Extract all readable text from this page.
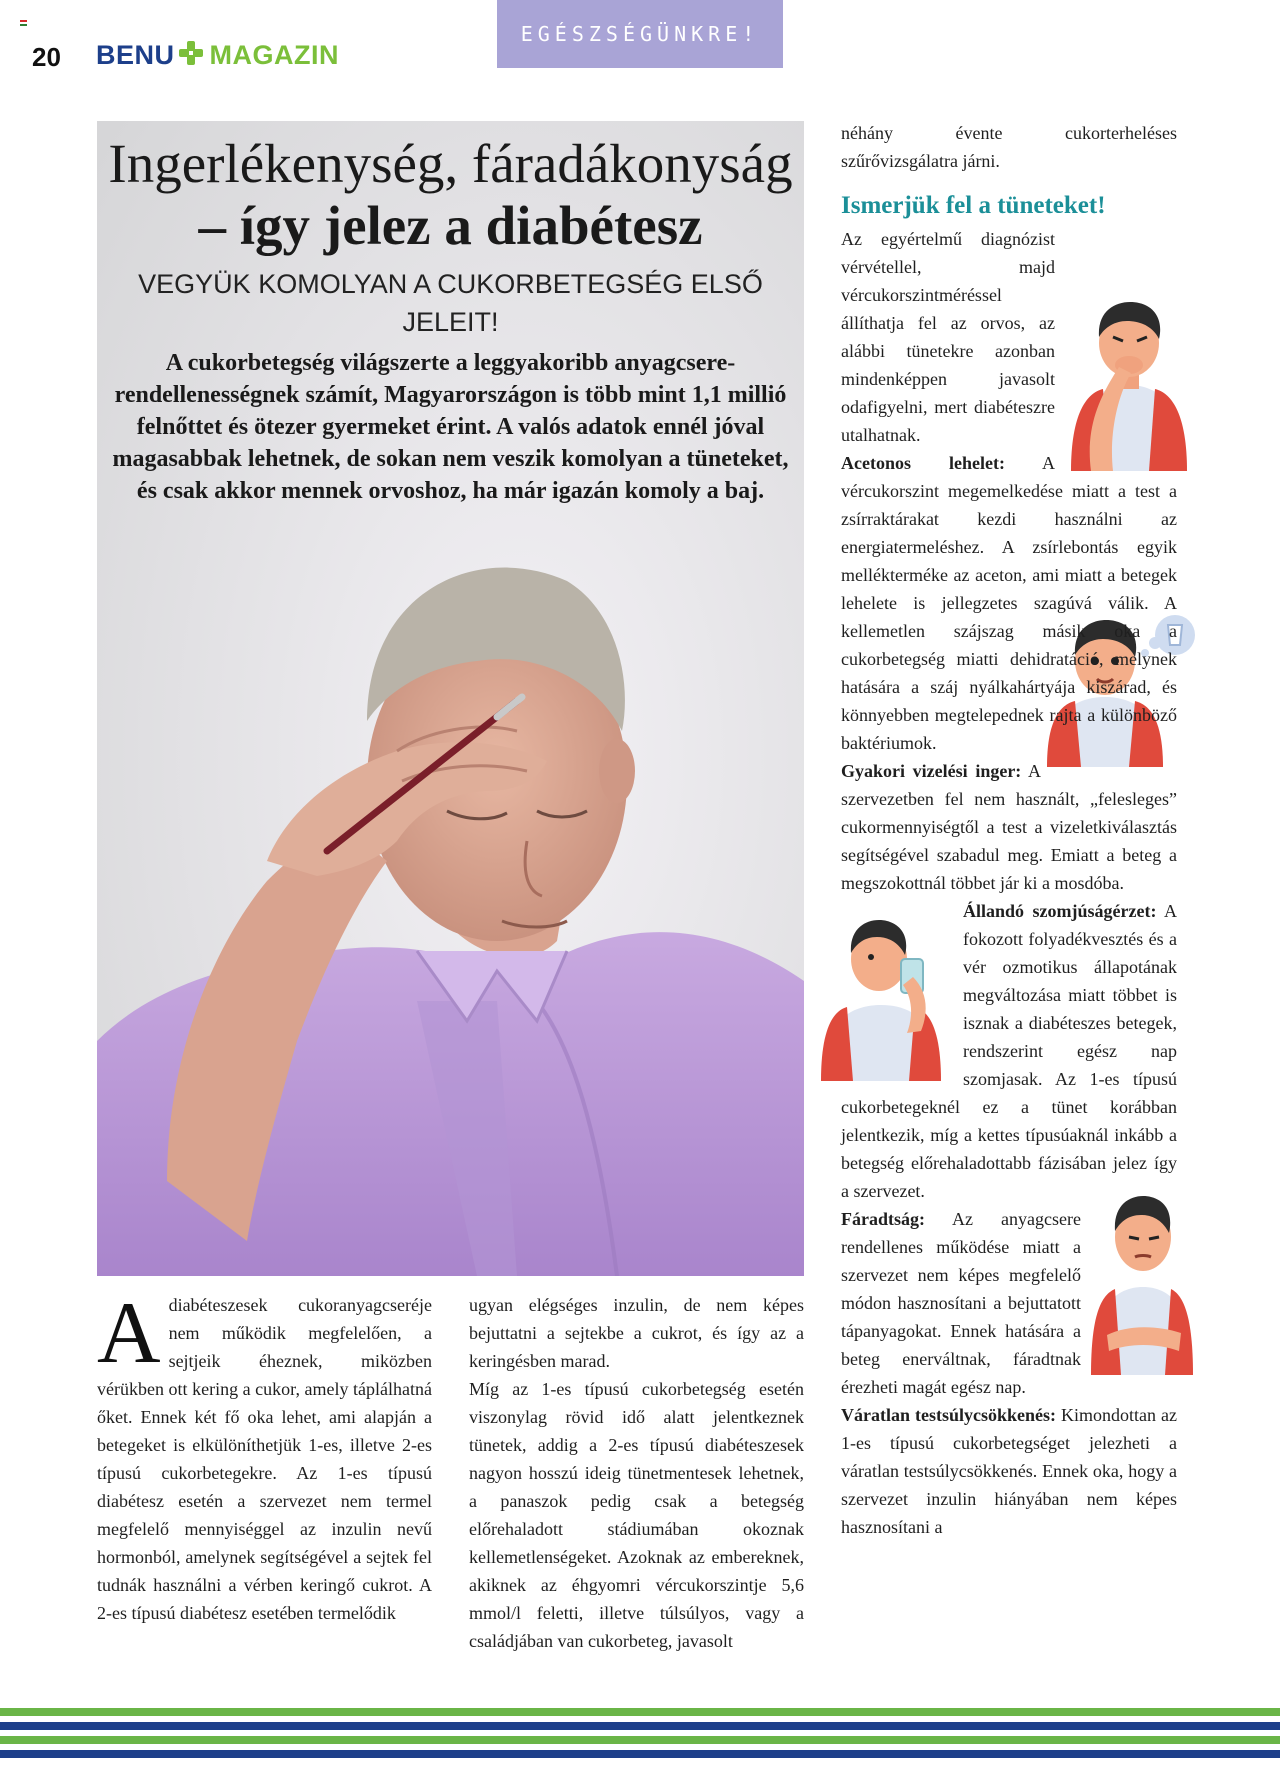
20 BENU MAGAZIN
EGÉSZSÉGÜNKRE!
Ingerlékenység, fáradákonyság
– így jelez a diabétesz
VEGYÜK KOMOLYAN A CUKORBETEGSÉG ELSŐ JELEIT!
A cukorbetegség világszerte a leggyakoribb anyagcsere-rendellenességnek számít, Magyarországon is több mint 1,1 millió felnőttet és ötezer gyermeket érint. A valós adatok ennél jóval magasabbak lehetnek, de sokan nem veszik komolyan a tüneteket, és csak akkor mennek orvoshoz, ha már igazán komoly a baj.
A diabéteszesek cukoranyagcseréje nem működik megfelelően, a sejtjeik éheznek, miközben vérükben ott kering a cukor, amely táplálhatná őket. Ennek két fő oka lehet, ami alapján a betegeket is elkülöníthetjük 1-es, illetve 2-es típusú cukorbetegekre. Az 1-es típusú diabétesz esetén a szervezet nem termel megfelelő mennyiséggel az inzulin nevű hormonból, amelynek segítségével a sejtek fel tudnák használni a vérben keringő cukrot. A 2-es típusú diabétesz esetében termelődik

ugyan elégséges inzulin, de nem képes bejuttatni a sejtekbe a cukrot, és így az a keringésben marad.

Míg az 1-es típusú cukorbetegség esetén viszonylag rövid idő alatt jelentkeznek tünetek, addig a 2-es típusú diabéteszesek nagyon hosszú ideig tünetmentesek lehetnek, a panaszok pedig csak a betegség előrehaladott stádiumában okoznak kellemetlenségeket. Azoknak az embereknek, akiknek az éhgyomri vércukorszintje 5,6 mmol/l feletti, illetve túlsúlyos, vagy a családjában van cukorbeteg, javasolt

néhány évente cukorterheléses szűrővizsgálatra járni.

Ismerjük fel a tüneteket!

Az egyértelmű diagnózist vérvétellel, majd vércukorszintméréssel állíthatja fel az orvos, az alábbi tünetekre azonban mindenképpen javasolt odafigyelni, mert diabéteszre utalhatnak.

Acetonos lehelet: A vércukorszint megemelkedése miatt a test a zsírraktárakat kezdi használni az energiatermeléshez. A zsírlebontás egyik mellékterméke az aceton, ami miatt a betegek lehelete is jellegzetes szagúvá válik. A kellemetlen szájszag másik oka a cukorbetegség miatti dehidratáció, melynek hatására a száj nyálkahártyája kiszárad, és könnyebben megtelepednek rajta a különböző baktériumok.

Gyakori vizelési inger: A szervezetben fel nem használt, „felesleges” cukormennyiségtől a test a vizeletkiválasztás segítségével szabadul meg. Emiatt a beteg a megszokottnál többet jár ki a mosdóba.

Állandó szomjúságérzet: A fokozott folyadékvesztés és a vér ozmotikus állapotának megváltozása miatt többet is isznak a diabéteszes betegek, rendszerint egész nap szomjasak. Az 1-es típusú cukorbetegeknél ez a tünet korábban jelentkezik, míg a kettes típusúaknál inkább a betegség előrehaladottabb fázisában jelez így a szervezet.

Fáradtság: Az anyagcsere rendellenes működése miatt a szervezet nem képes megfelelő módon hasznosítani a bejuttatott tápanyagokat. Ennek hatására a beteg enerváltnak, fáradtnak érezheti magát egész nap.

Váratlan testsúlycsökkenés: Kimondottan az 1-es típusú cukorbetegséget jelezheti a váratlan testsúlycsökkenés. Ennek oka, hogy a szervezet inzulin hiányában nem képes hasznosítani a
